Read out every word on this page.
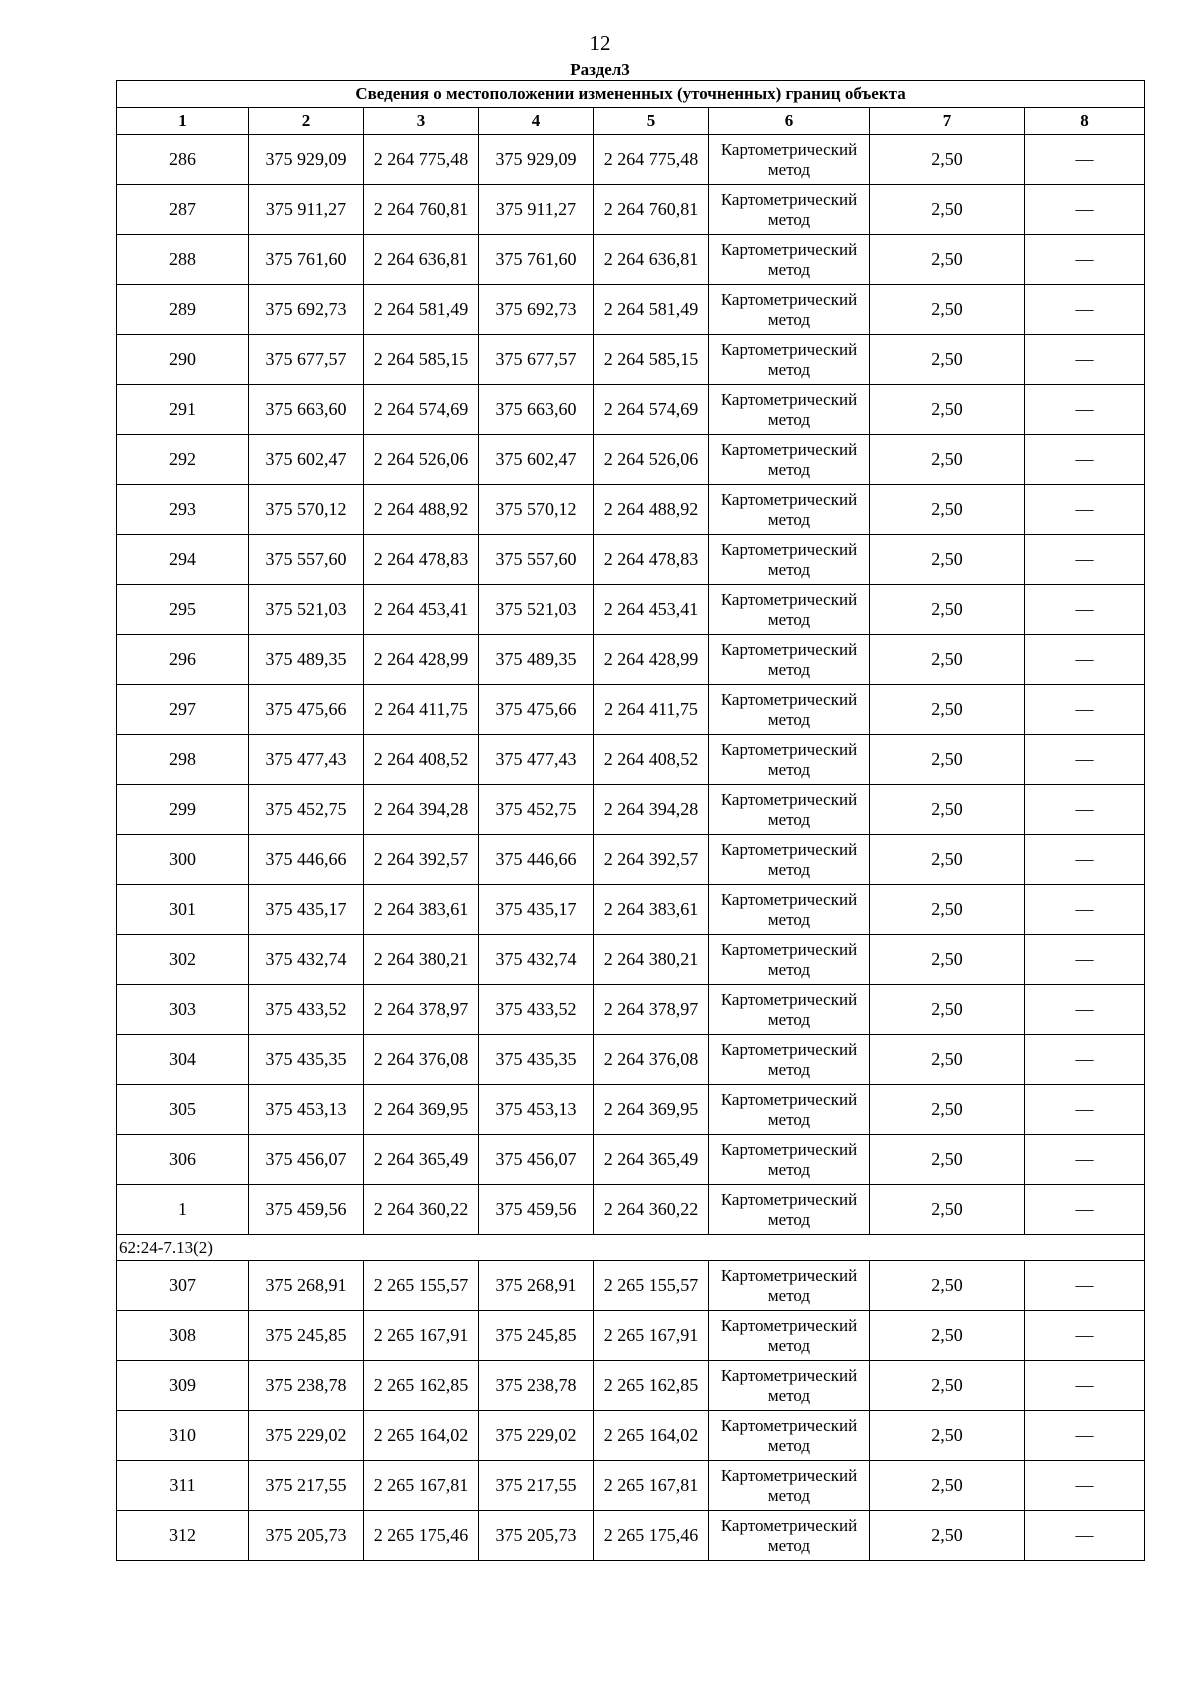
12
Раздел3
Сведения о местоположении измененных (уточненных) границ объекта							
1	2	3	4	5	6	7	8
286	375 929,09	2 264 775,48	375 929,09	2 264 775,48	Картометрический метод	2,50	—
287	375 911,27	2 264 760,81	375 911,27	2 264 760,81	Картометрический метод	2,50	—
288	375 761,60	2 264 636,81	375 761,60	2 264 636,81	Картометрический метод	2,50	—
289	375 692,73	2 264 581,49	375 692,73	2 264 581,49	Картометрический метод	2,50	—
290	375 677,57	2 264 585,15	375 677,57	2 264 585,15	Картометрический метод	2,50	—
291	375 663,60	2 264 574,69	375 663,60	2 264 574,69	Картометрический метод	2,50	—
292	375 602,47	2 264 526,06	375 602,47	2 264 526,06	Картометрический метод	2,50	—
293	375 570,12	2 264 488,92	375 570,12	2 264 488,92	Картометрический метод	2,50	—
294	375 557,60	2 264 478,83	375 557,60	2 264 478,83	Картометрический метод	2,50	—
295	375 521,03	2 264 453,41	375 521,03	2 264 453,41	Картометрический метод	2,50	—
296	375 489,35	2 264 428,99	375 489,35	2 264 428,99	Картометрический метод	2,50	—
297	375 475,66	2 264 411,75	375 475,66	2 264 411,75	Картометрический метод	2,50	—
298	375 477,43	2 264 408,52	375 477,43	2 264 408,52	Картометрический метод	2,50	—
299	375 452,75	2 264 394,28	375 452,75	2 264 394,28	Картометрический метод	2,50	—
300	375 446,66	2 264 392,57	375 446,66	2 264 392,57	Картометрический метод	2,50	—
301	375 435,17	2 264 383,61	375 435,17	2 264 383,61	Картометрический метод	2,50	—
302	375 432,74	2 264 380,21	375 432,74	2 264 380,21	Картометрический метод	2,50	—
303	375 433,52	2 264 378,97	375 433,52	2 264 378,97	Картометрический метод	2,50	—
304	375 435,35	2 264 376,08	375 435,35	2 264 376,08	Картометрический метод	2,50	—
305	375 453,13	2 264 369,95	375 453,13	2 264 369,95	Картометрический метод	2,50	—
306	375 456,07	2 264 365,49	375 456,07	2 264 365,49	Картометрический метод	2,50	—
1	375 459,56	2 264 360,22	375 459,56	2 264 360,22	Картометрический метод	2,50	—
62:24-7.13(2)							
307	375 268,91	2 265 155,57	375 268,91	2 265 155,57	Картометрический метод	2,50	—
308	375 245,85	2 265 167,91	375 245,85	2 265 167,91	Картометрический метод	2,50	—
309	375 238,78	2 265 162,85	375 238,78	2 265 162,85	Картометрический метод	2,50	—
310	375 229,02	2 265 164,02	375 229,02	2 265 164,02	Картометрический метод	2,50	—
311	375 217,55	2 265 167,81	375 217,55	2 265 167,81	Картометрический метод	2,50	—
312	375 205,73	2 265 175,46	375 205,73	2 265 175,46	Картометрический метод	2,50	—
